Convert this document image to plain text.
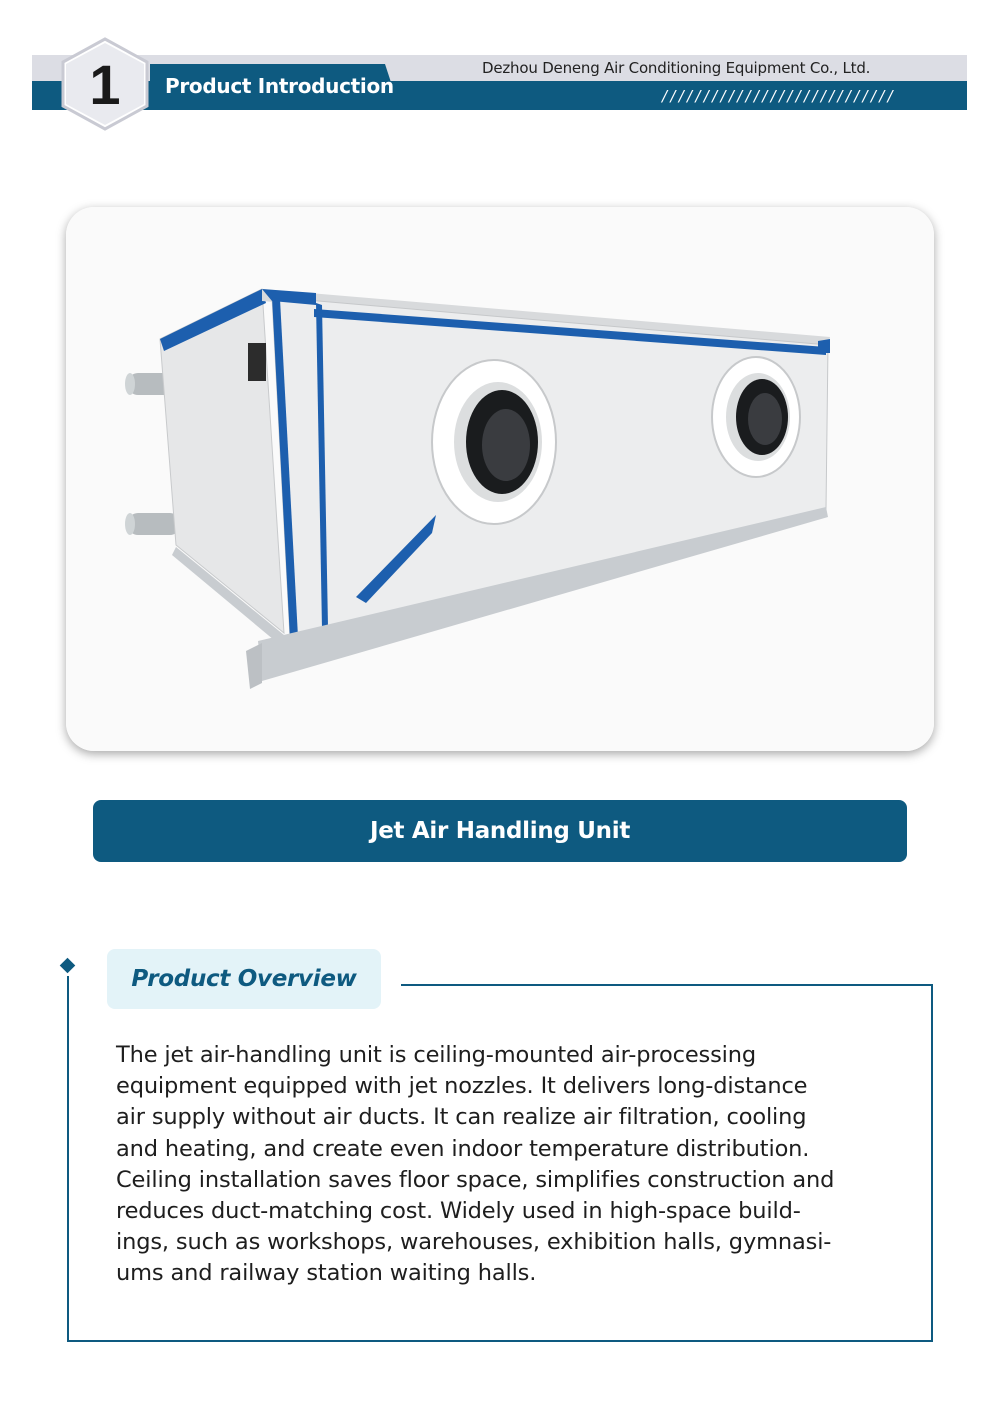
Product Introduction
Dezhou Deneng Air Conditioning Equipment Co., Ltd.
////////////////////////////
1
Jet Air Handling Unit
Product Overview
The jet air-handling unit is ceiling-mounted air-processing
equipment equipped with jet nozzles. It delivers long-distance
air supply without air ducts. It can realize air filtration, cooling
and heating, and create even indoor temperature distribution.
Ceiling installation saves floor space, simplifies construction and
reduces duct-matching cost. Widely used in high-space build-
ings, such as workshops, warehouses, exhibition halls, gymnasi-
ums and railway station waiting halls.
